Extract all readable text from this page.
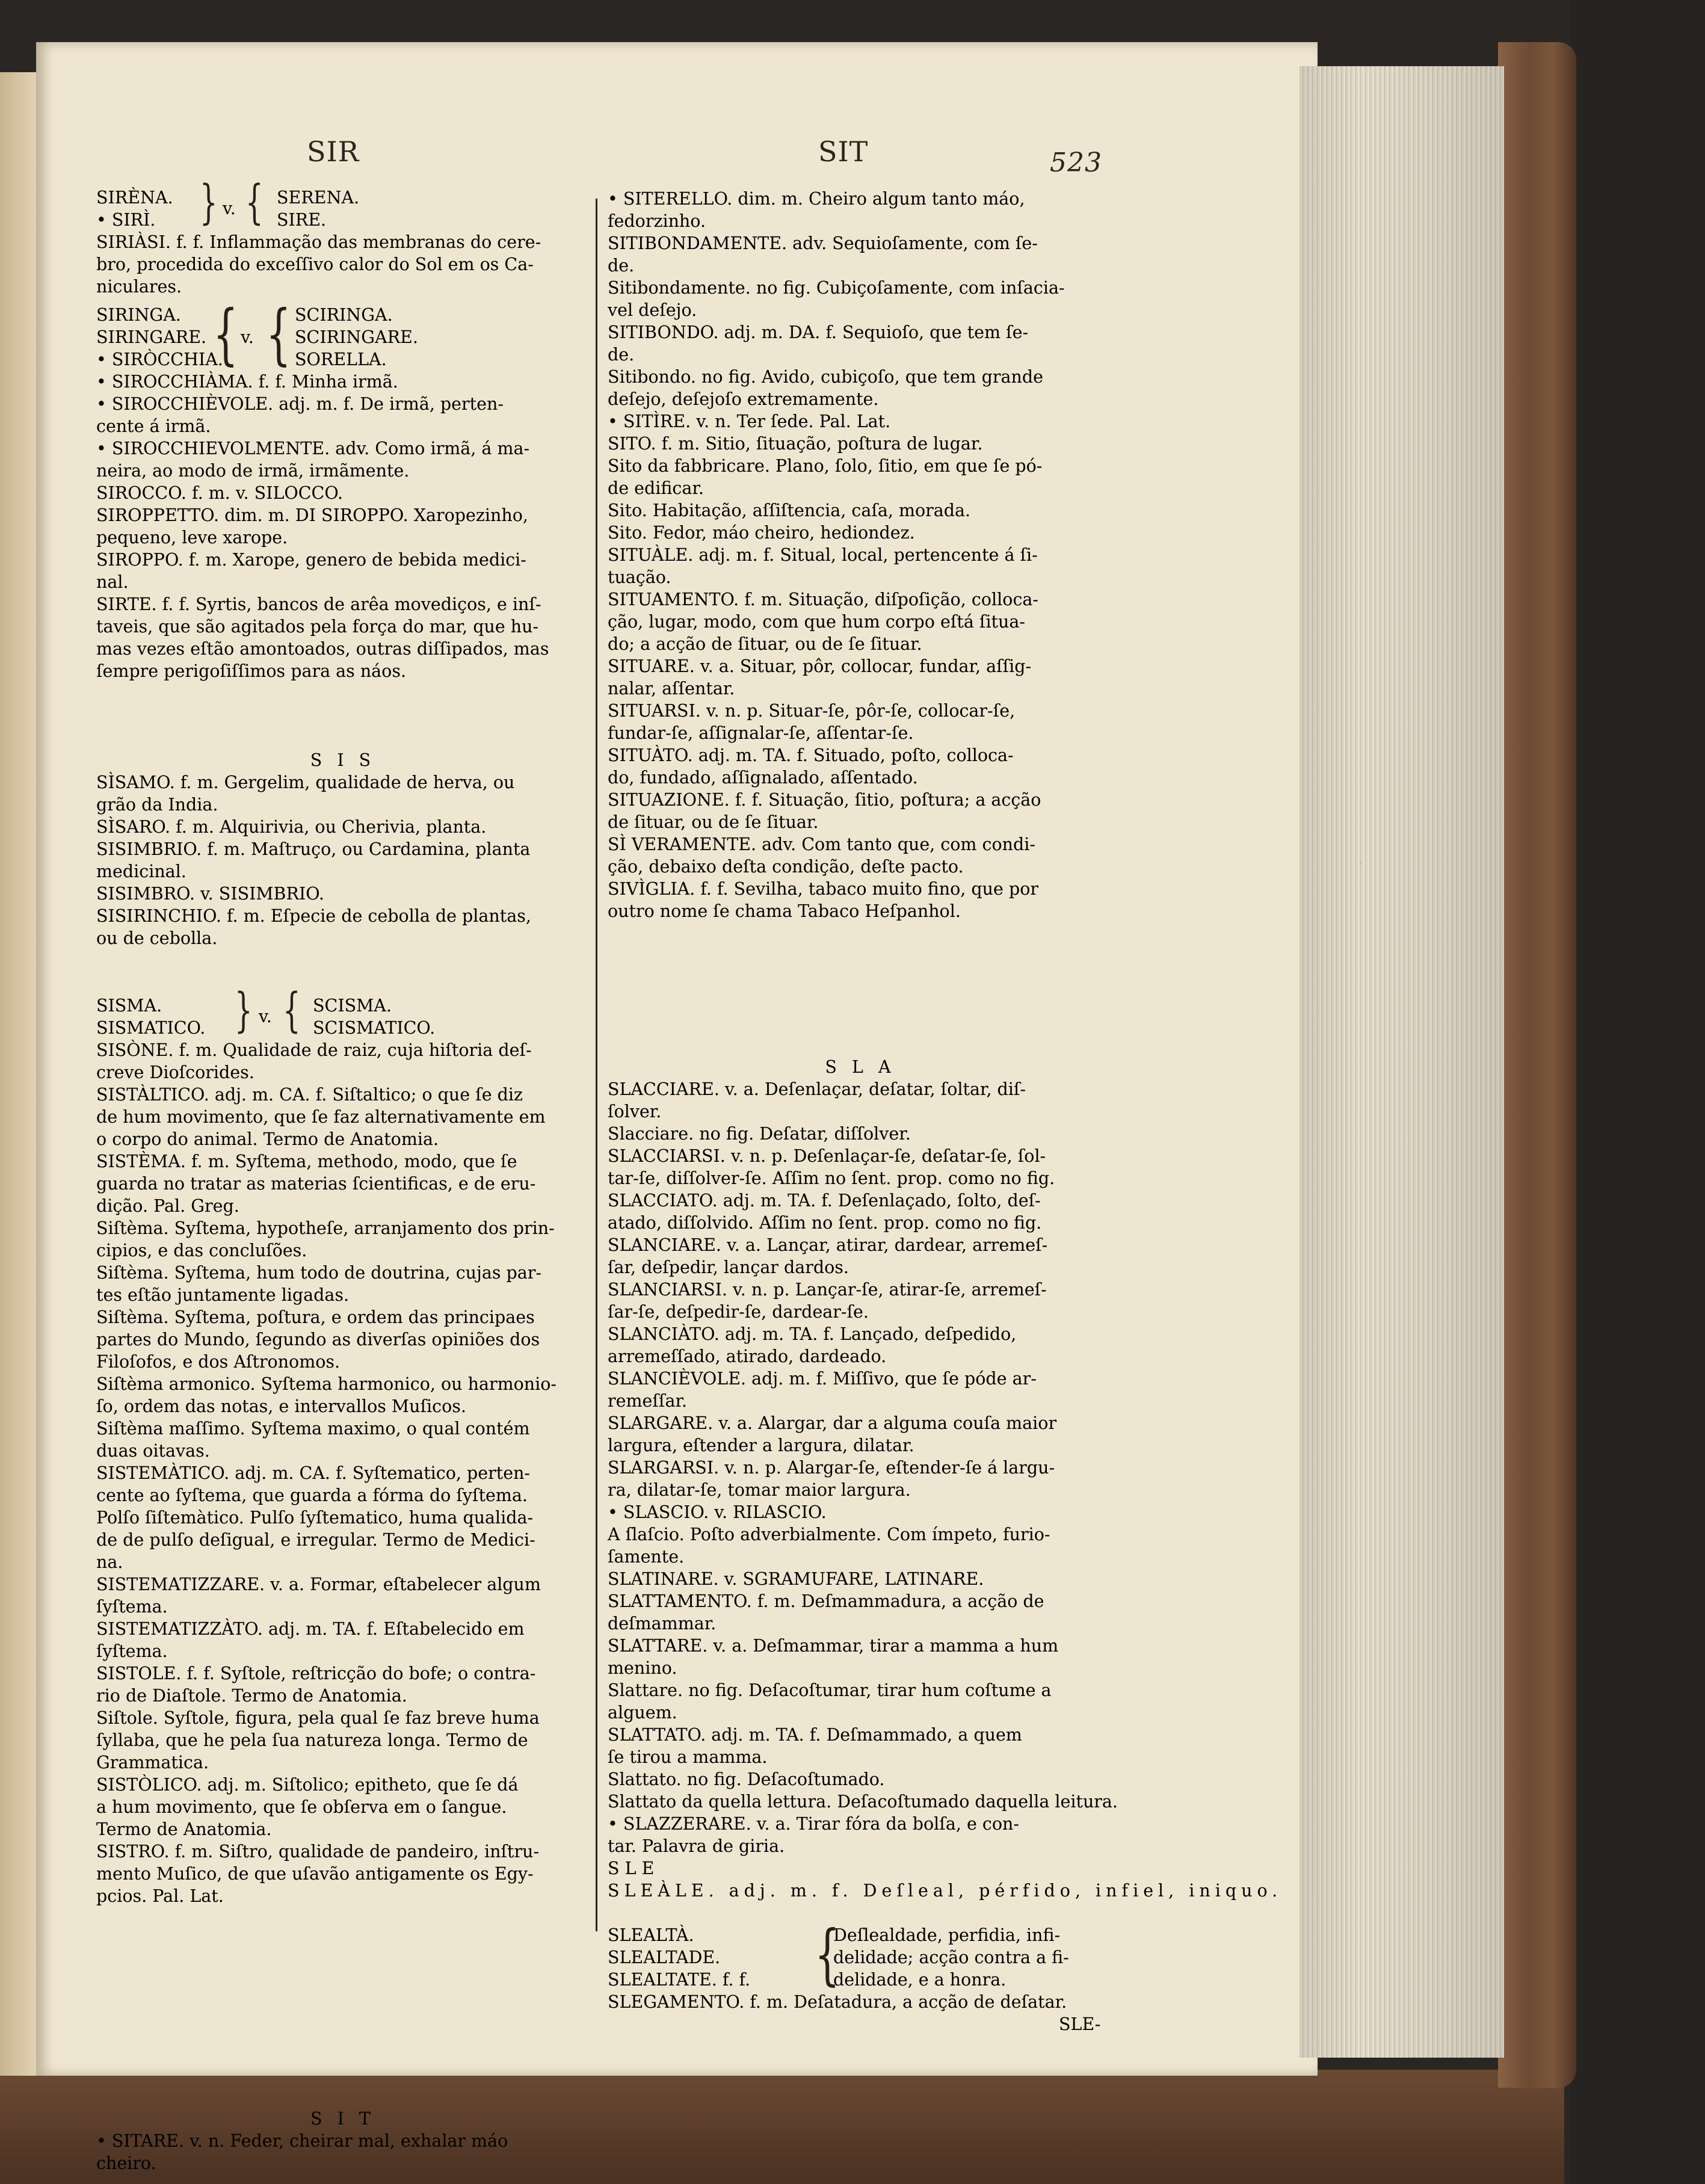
SIR	SIT	523
SIRÈNA.
• SIRÌ. } v. { SERENA.
SIRE.
SIRIÀSI. f. f. Inflammação das membranas do cere-
bro, procedida do exceſſivo calor do Sol em os Ca-
niculares.
SIRINGA.
SIRINGARE.
• SIRÒCCHIA.
{ v. { SCIRINGA.
SCIRINGARE.
SORELLA.
• SIROCCHIÀMA. f. f. Minha irmã.
• SIROCCHIÈVOLE. adj. m. f. De irmã, perten-
cente á irmã.
• SIROCCHIEVOLMENTE. adv. Como irmã, á ma-
neira, ao modo de irmã, irmãmente.
SIROCCO. f. m. v. SILOCCO.
SIROPPETTO. dim. m. DI SIROPPO. Xaropezinho,
pequeno, leve xarope.
SIROPPO. f. m. Xarope, genero de bebida medici-
nal.
SIRTE. f. f. Syrtis, bancos de arêa movediços, e inſ-
taveis, que são agitados pela força do mar, que hu-
mas vezes eſtão amontoados, outras diſſipados, mas
ſempre perigoſiſſimos para as náos.

S I S
SÌSAMO. f. m. Gergelim, qualidade de herva, ou
grão da India.
SÌSARO. f. m. Alquirivia, ou Cherivia, planta.
SISIMBRIO. f. m. Maſtruço, ou Cardamina, planta
medicinal.
SISIMBRO. v. SISIMBRIO.
SISIRINCHIO. f. m. Eſpecie de cebolla de plantas,
ou de cebolla.

SISMA.
SISMATICO. } v. { SCISMA.
SCISMATICO.
SISÒNE. f. m. Qualidade de raiz, cuja hiſtoria deſ-
creve Dioſcorides.
SISTÀLTICO. adj. m. CA. f. Siſtaltico; o que ſe diz
de hum movimento, que ſe faz alternativamente em
o corpo do animal. Termo de Anatomia.
SISTÈMA. f. m. Syſtema, methodo, modo, que ſe
guarda no tratar as materias ſcientificas, e de eru-
dição. Pal. Greg.
Siſtèma. Syſtema, hypotheſe, arranjamento dos prin-
cipios, e das concluſões.
Siſtèma. Syſtema, hum todo de doutrina, cujas par-
tes eſtão juntamente ligadas.
Siſtèma. Syſtema, poſtura, e ordem das principaes
partes do Mundo, ſegundo as diverſas opiniões dos
Filoſofos, e dos Aſtronomos.
Siſtèma armonico. Syſtema harmonico, ou harmonio-
ſo, ordem das notas, e intervallos Muſicos.
Siſtèma maſſimo. Syſtema maximo, o qual contém
duas oitavas.
SISTEMÀTICO. adj. m. CA. f. Syſtematico, perten-
cente ao ſyſtema, que guarda a fórma do ſyſtema.
Polſo ſiſtemàtico. Pulſo ſyſtematico, huma qualida-
de de pulſo deſigual, e irregular. Termo de Medici-
na.
SISTEMATIZZARE. v. a. Formar, eſtabelecer algum
ſyſtema.
SISTEMATIZZÀTO. adj. m. TA. f. Eſtabelecido em
ſyſtema.
SISTOLE. f. f. Syſtole, reſtricção do bofe; o contra-
rio de Diaſtole. Termo de Anatomia.
Siſtole. Syſtole, figura, pela qual ſe faz breve huma
ſyllaba, que he pela ſua natureza longa. Termo de
Grammatica.
SISTÒLICO. adj. m. Siſtolico; epitheto, que ſe dá
a hum movimento, que ſe obſerva em o ſangue.
Termo de Anatomia.
SISTRO. f. m. Siſtro, qualidade de pandeiro, inſtru-
mento Muſico, de que uſavão antigamente os Egy-
pcios. Pal. Lat.

S I T
• SITARE. v. n. Feder, cheirar mal, exhalar máo
cheiro.
• SITERELLO. dim. m. Cheiro algum tanto máo,
fedorzinho.
SITIBONDAMENTE. adv. Sequioſamente, com ſe-
de.
Sitibondamente. no fig. Cubiçoſamente, com inſacia-
vel deſejo.
SITIBONDO. adj. m. DA. f. Sequioſo, que tem ſe-
de.
Sitibondo. no fig. Avido, cubiçoſo, que tem grande
deſejo, deſejoſo extremamente.
• SITÌRE. v. n. Ter ſede. Pal. Lat.
SITO. f. m. Sitio, ſituação, poſtura de lugar.
Sito da fabbricare. Plano, ſolo, ſitio, em que ſe pó-
de edificar.
Sito. Habitação, aſſiſtencia, caſa, morada.
Sito. Fedor, máo cheiro, hediondez.
SITUÀLE. adj. m. f. Situal, local, pertencente á ſi-
tuação.
SITUAMENTO. f. m. Situação, diſpoſição, colloca-
ção, lugar, modo, com que hum corpo eſtá ſitua-
do; a acção de ſituar, ou de ſe ſituar.
SITUARE. v. a. Situar, pôr, collocar, fundar, aſſig-
nalar, aſſentar.
SITUARSI. v. n. p. Situar-ſe, pôr-ſe, collocar-ſe,
fundar-ſe, aſſignalar-ſe, aſſentar-ſe.
SITUÀTO. adj. m. TA. f. Situado, poſto, colloca-
do, fundado, aſſignalado, aſſentado.
SITUAZIONE. f. f. Situação, ſitio, poſtura; a acção
de ſituar, ou de ſe ſituar.
SÌ VERAMENTE. adv. Com tanto que, com condi-
ção, debaixo deſta condição, deſte pacto.
SIVÌGLIA. f. f. Sevilha, tabaco muito fino, que por
outro nome ſe chama Tabaco Heſpanhol.

S L A
SLACCIARE. v. a. Deſenlaçar, deſatar, ſoltar, diſ-
ſolver.
Slacciare. no fig. Deſatar, diſſolver.
SLACCIARSI. v. n. p. Deſenlaçar-ſe, deſatar-ſe, ſol-
tar-ſe, diſſolver-ſe. Aſſim no ſent. prop. como no fig.
SLACCIATO. adj. m. TA. f. Deſenlaçado, ſolto, deſ-
atado, diſſolvido. Aſſim no ſent. prop. como no fig.
SLANCIARE. v. a. Lançar, atirar, dardear, arremeſ-
ſar, deſpedir, lançar dardos.
SLANCIARSI. v. n. p. Lançar-ſe, atirar-ſe, arremeſ-
ſar-ſe, deſpedir-ſe, dardear-ſe.
SLANCIÀTO. adj. m. TA. f. Lançado, deſpedido,
arremeſſado, atirado, dardeado.
SLANCIÈVOLE. adj. m. f. Miſſivo, que ſe póde ar-
remeſſar.
SLARGARE. v. a. Alargar, dar a alguma couſa maior
largura, eſtender a largura, dilatar.
SLARGARSI. v. n. p. Alargar-ſe, eſtender-ſe á largu-
ra, dilatar-ſe, tomar maior largura.
• SLASCIO. v. RILASCIO.
A ſlaſcio. Poſto adverbialmente. Com ímpeto, furio-
ſamente.
SLATINARE. v. SGRAMUFARE, LATINARE.
SLATTAMENTO. f. m. Deſmammadura, a acção de
deſmammar.
SLATTARE. v. a. Deſmammar, tirar a mamma a hum
menino.
Slattare. no fig. Deſacoſtumar, tirar hum coſtume a
alguem.
SLATTATO. adj. m. TA. f. Deſmammado, a quem
ſe tirou a mamma.
Slattato. no fig. Deſacoſtumado.
Slattato da quella lettura. Deſacoſtumado daquella leitura.
• SLAZZERARE. v. a. Tirar fóra da bolſa, e con-
tar. Palavra de giria.
S L E
SLEÀLE. adj. m. f. Deſleal, pérfido, infiel, iniquo.

SLEALTÀ.
SLEALTADE.
SLEALTATE. f. f. {
Deſlealdade, perfidia, infi-
delidade; acção contra a fi-
delidade, e a honra.
SLEGAMENTO. f. m. Deſatadura, a acção de deſatar.
SLE-
